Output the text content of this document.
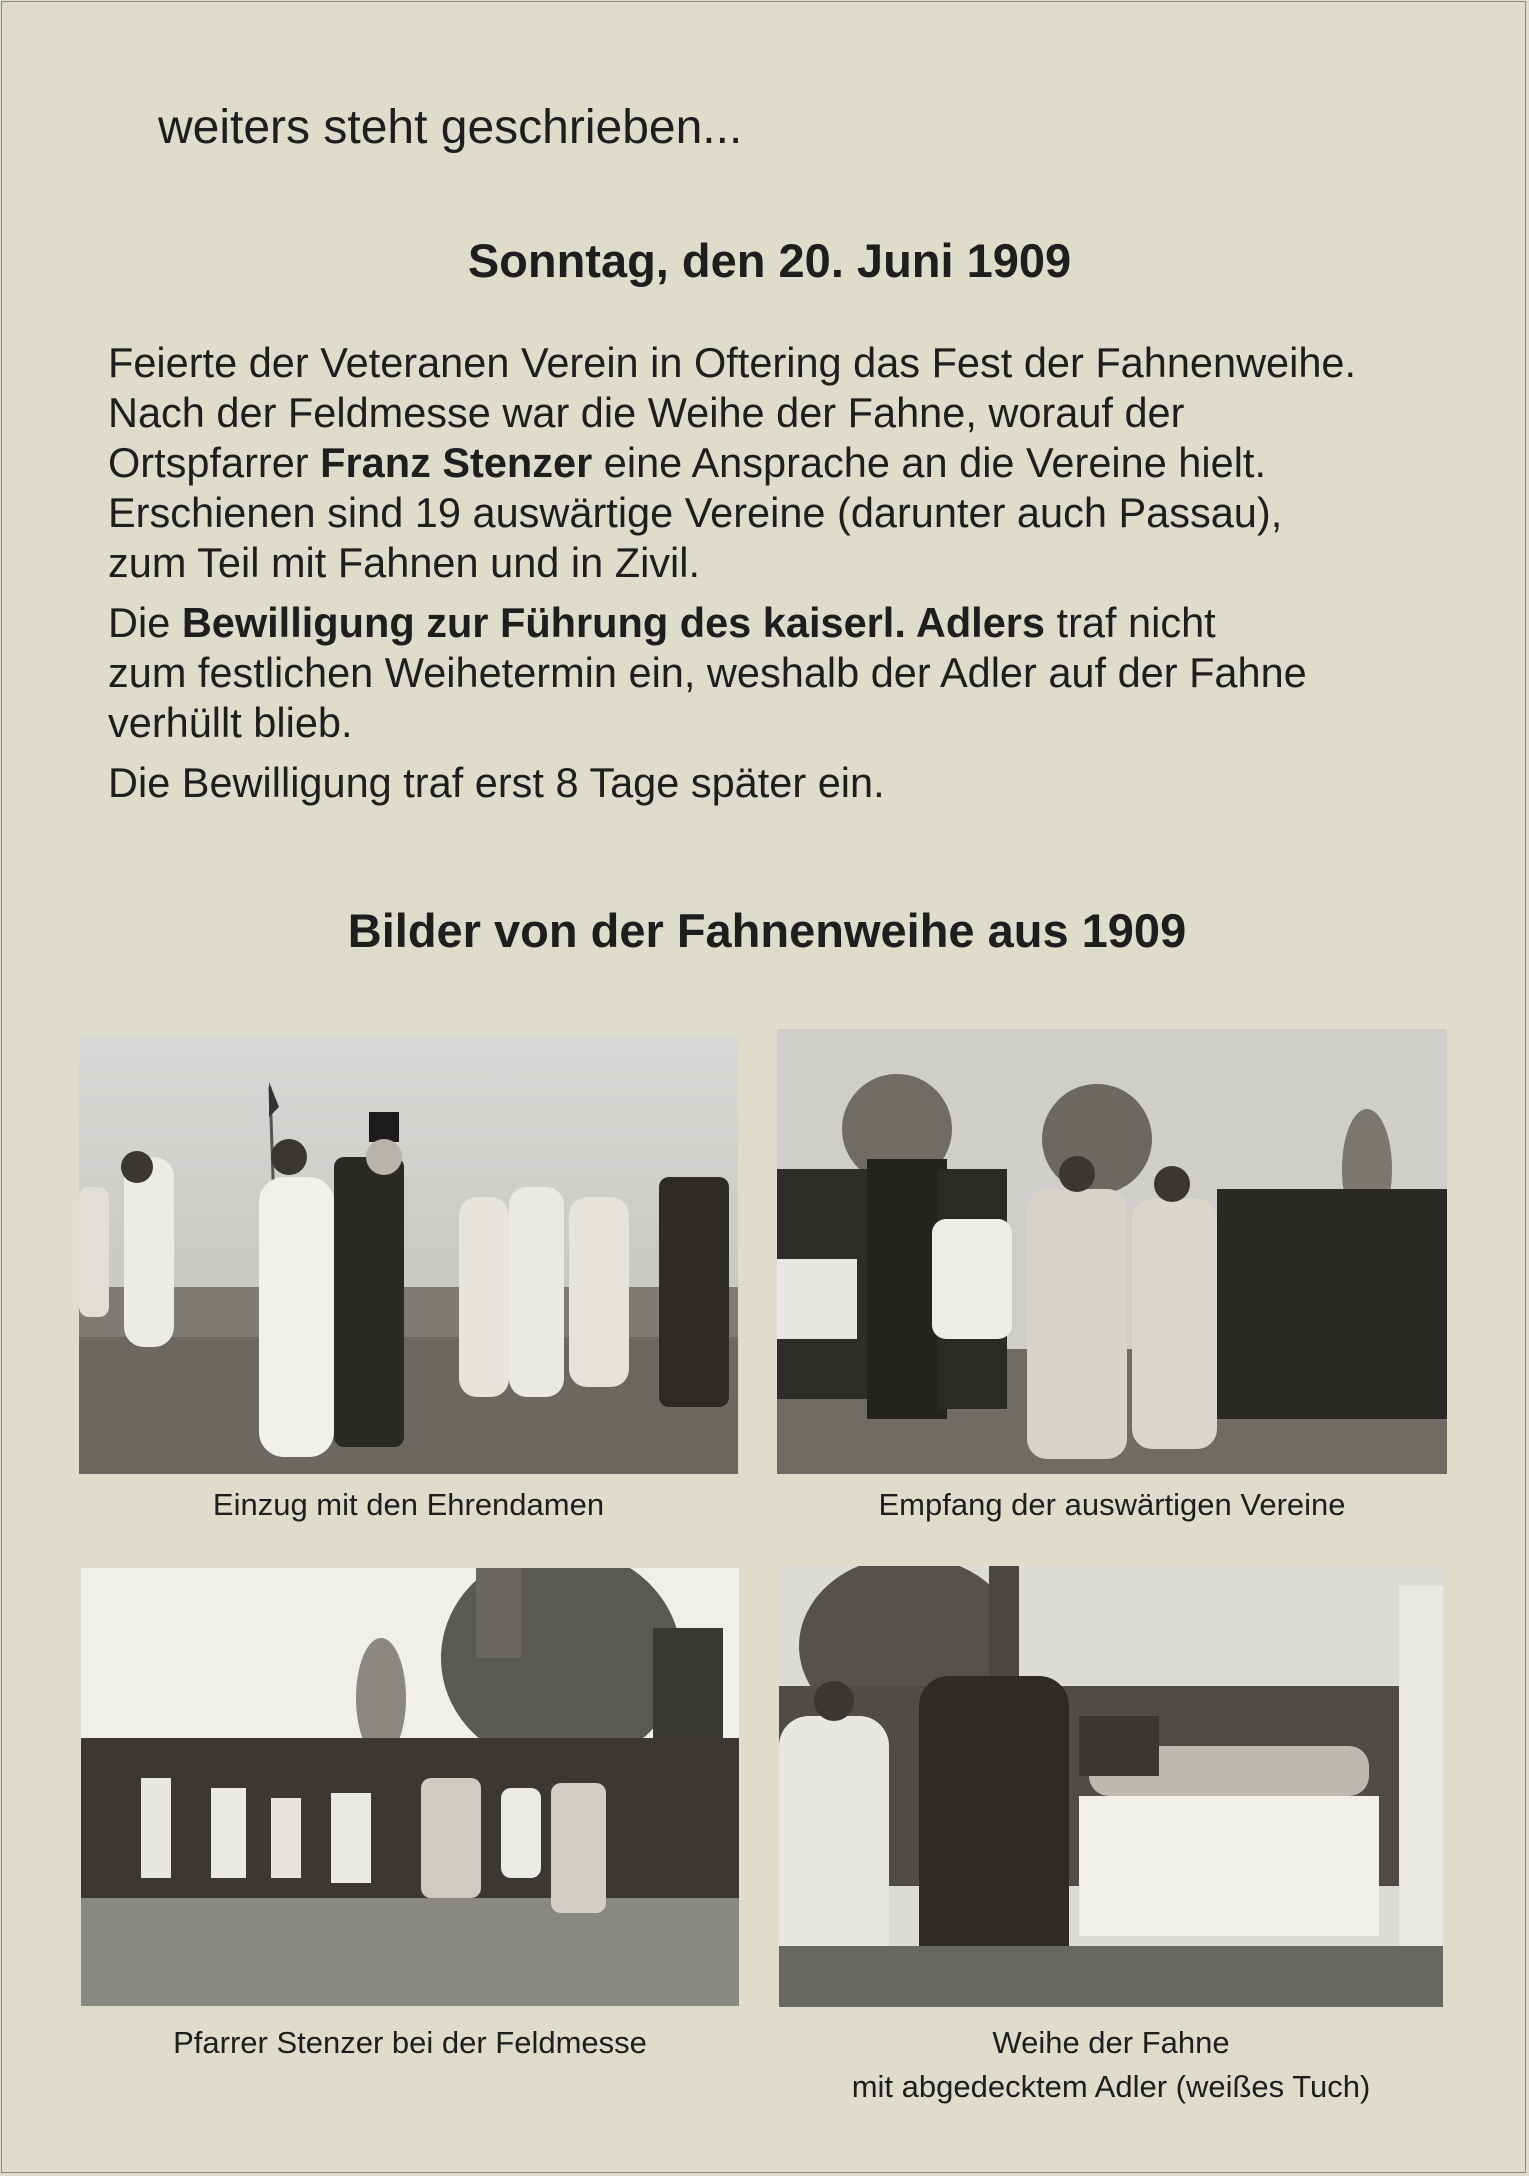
weiters steht geschrieben...
Sonntag, den 20. Juni 1909

Feierte der Veteranen Verein in Oftering das Fest der Fahnenweihe.
Nach der Feldmesse war die Weihe der Fahne, worauf der
Ortspfarrer Franz Stenzer eine Ansprache an die Vereine hielt.
Erschienen sind 19 auswärtige Vereine (darunter auch Passau),
zum Teil mit Fahnen und in Zivil.

Die Bewilligung zur Führung des kaiserl. Adlers traf nicht
zum festlichen Weihetermin ein, weshalb der Adler auf der Fahne
verhüllt blieb.

Die Bewilligung traf erst 8 Tage später ein.

Bilder von der Fahnenweihe aus 1909
Einzug mit den Ehrendamen	Empfang der auswärtigen Vereine
Pfarrer Stenzer bei der Feldmesse	Weihe der Fahne
mit abgedecktem Adler (weißes Tuch)
